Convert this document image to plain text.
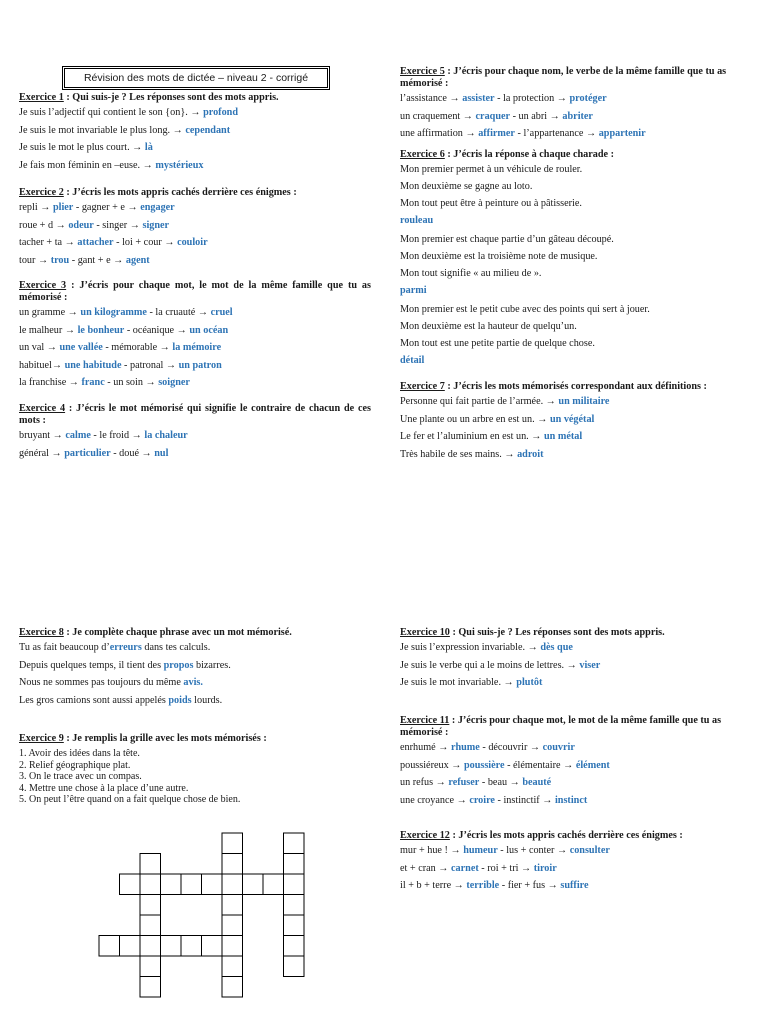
Révision des mots de dictée – niveau 2 - corrigé
Exercice 1 : Qui suis-je ? Les réponses sont des mots appris.
Je suis l’adjectif qui contient le son {on}. → profond
Je suis le mot invariable le plus long. → cependant
Je suis le mot le plus court. → là
Je fais mon féminin en –euse. → mystérieux
Exercice 2 : J’écris les mots appris cachés derrière ces énigmes :
repli → plier - gagner + e → engager
roue + d → odeur - singer → signer
tacher + ta → attacher - loi + cour → couloir
tour → trou - gant + e → agent
Exercice 3 : J’écris pour chaque mot, le mot de la même famille que tu as mémorisé :
un gramme → un kilogramme - la cruauté → cruel
le malheur → le bonheur - océanique → un océan
un val → une vallée - mémorable → la mémoire
habituel→ une habitude - patronal → un patron
la franchise → franc - un soin → soigner
Exercice 4 : J’écris le mot mémorisé qui signifie le contraire de chacun de ces mots :
bruyant → calme - le froid → la chaleur
général → particulier - doué → nul
Exercice 5 : J’écris pour chaque nom, le verbe de la même famille que tu as mémorisé :
l’assistance → assister - la protection → protéger
un craquement → craquer - un abri → abriter
une affirmation → affirmer - l’appartenance → appartenir
Exercice 6 : J’écris la réponse à chaque charade :
Mon premier permet à un véhicule de rouler.
Mon deuxième se gagne au loto.
Mon tout peut être à peinture ou à pâtisserie.
rouleau
Mon premier est chaque partie d’un gâteau découpé.
Mon deuxième est la troisième note de musique.
Mon tout signifie « au milieu de ».
parmi
Mon premier est le petit cube avec des points qui sert à jouer.
Mon deuxième est la hauteur de quelqu’un.
Mon tout est une petite partie de quelque chose.
détail
Exercice 7 : J’écris les mots mémorisés correspondant aux définitions :
Personne qui fait partie de l’armée. → un militaire
Une plante ou un arbre en est un. → un végétal
Le fer et l’aluminium en est un. → un métal
Très habile de ses mains. → adroit
Exercice 8 : Je complète chaque phrase avec un mot mémorisé.
Tu as fait beaucoup d’erreurs dans tes calculs.
Depuis quelques temps, il tient des propos bizarres.
Nous ne sommes pas toujours du même avis.
Les gros camions sont aussi appelés poids lourds.
Exercice 9 : Je remplis la grille avec les mots mémorisés :
1. Avoir des idées dans la tête.
2. Relief géographique plat.
3. On le trace avec un compas.
4. Mettre une chose à la place d’une autre.
5. On peut l’être quand on a fait quelque chose de bien.
Exercice 10 : Qui suis-je ? Les réponses sont des mots appris.
Je suis l’expression invariable. → dès que
Je suis le verbe qui a le moins de lettres. → viser
Je suis le mot invariable. → plutôt
Exercice 11 : J’écris pour chaque mot, le mot de la même famille que tu as mémorisé :
enrhumé → rhume - découvrir → couvrir
poussiéreux → poussière - élémentaire → élément
un refus → refuser - beau → beauté
une croyance → croire - instinctif → instinct
Exercice 12 : J’écris les mots appris cachés derrière ces énigmes :
mur + hue ! → humeur - lus + conter → consulter
et + cran → carnet - roi + tri → tiroir
il + b + terre → terrible - fier + fus → suffire
